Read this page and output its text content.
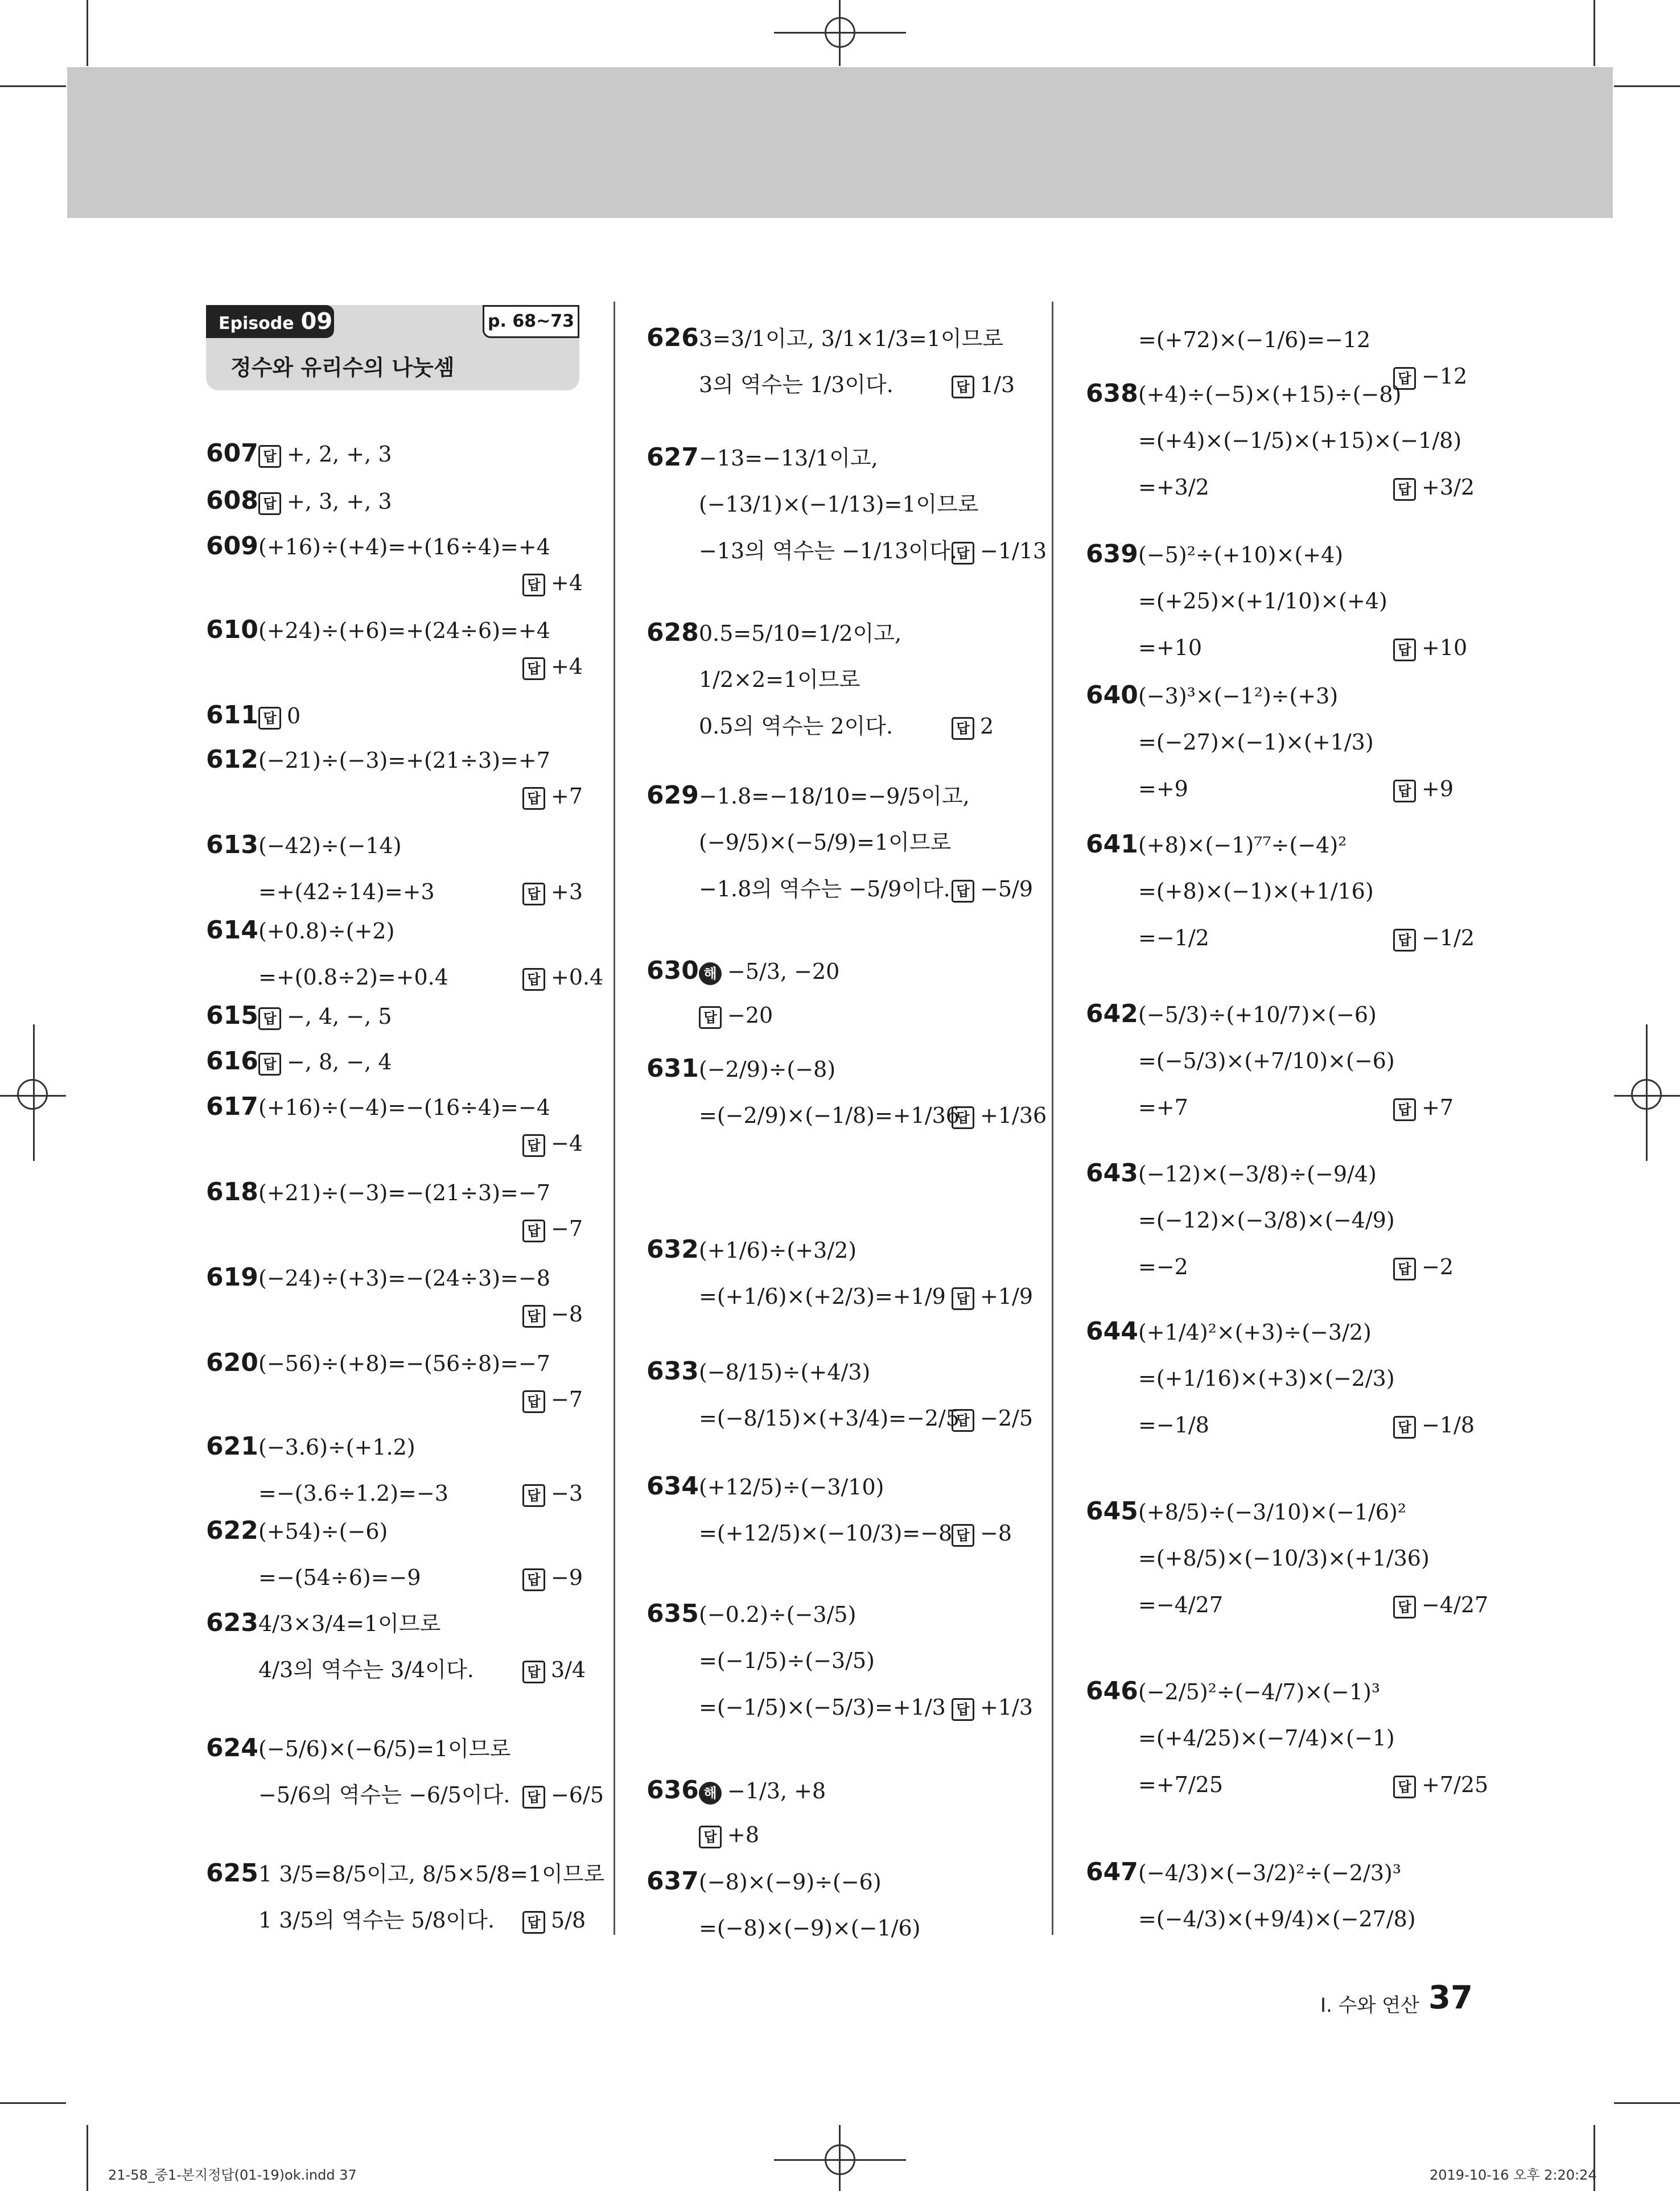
Episode 09	p. 68~73
정수와 유리수의 나눗셈
607 답 +, 2, +, 3
608 답 +, 3, +, 3
609(+16)÷(+4)=+(16÷4)=+4
답 +4
610(+24)÷(+6)=+(24÷6)=+4
답 +4
611 답 0
612(−21)÷(−3)=+(21÷3)=+7
답 +7
613(−42)÷(−14)
=+(42÷14)=+3	답 +3
614(+0.8)÷(+2)
=+(0.8÷2)=+0.4	답 +0.4
615 답 −, 4, −, 5
616 답 −, 8, −, 4
617(+16)÷(−4)=−(16÷4)=−4
답 −4
618(+21)÷(−3)=−(21÷3)=−7
답 −7
619(−24)÷(+3)=−(24÷3)=−8
답 −8
620(−56)÷(+8)=−(56÷8)=−7
답 −7
621(−3.6)÷(+1.2)
=−(3.6÷1.2)=−3	답 −3
622(+54)÷(−6)
=−(54÷6)=−9	답 −9
6234/3×3/4=1이므로
4/3의 역수는 3/4이다.	답 3/4
624(−5/6)×(−6/5)=1이므로
−5/6의 역수는 −6/5이다.	답 −6/5
6251 3/5=8/5이고, 8/5×5/8=1이므로
1 3/5의 역수는 5/8이다.	답 5/8
6263=3/1이고, 3/1×1/3=1이므로
3의 역수는 1/3이다.	답 1/3
627−13=−13/1이고,
(−13/1)×(−1/13)=1이므로
−13의 역수는 −1/13이다.
답 −1/13
6280.5=5/10=1/2이고,
1/2×2=1이므로
0.5의 역수는 2이다.	답 2
629−1.8=−18/10=−9/5이고,
(−9/5)×(−5/9)=1이므로
−1.8의 역수는 −5/9이다. 답 −5/9
630 해 −5/3, −20
답 −20
631(−2/9)÷(−8)
=(−2/9)×(−1/8)=+1/36
답 +1/36
632(+1/6)÷(+3/2)
=(+1/6)×(+2/3)=+1/9 답 +1/9
633(−8/15)÷(+4/3)
=(−8/15)×(+3/4)=−2/5
답 −2/5
634(+12/5)÷(−3/10)
=(+12/5)×(−10/3)=−8 답 −8
635(−0.2)÷(−3/5)
=(−1/5)÷(−3/5)
=(−1/5)×(−5/3)=+1/3 답 +1/3
636 해 −1/3, +8
답 +8
637(−8)×(−9)÷(−6)
=(−8)×(−9)×(−1/6)
=(+72)×(−1/6)=−12
답 −12
638(+4)÷(−5)×(+15)÷(−8)
=(+4)×(−1/5)×(+15)×(−1/8)
=+3/2	답 +3/2
639(−5)²÷(+10)×(+4)
=(+25)×(+1/10)×(+4)
=+10	답 +10
640(−3)³×(−1²)÷(+3)
=(−27)×(−1)×(+1/3)
=+9	답 +9
641(+8)×(−1)⁷⁷÷(−4)²
=(+8)×(−1)×(+1/16)
=−1/2	답 −1/2
642(−5/3)÷(+10/7)×(−6)
=(−5/3)×(+7/10)×(−6)
=+7	답 +7
643(−12)×(−3/8)÷(−9/4)
=(−12)×(−3/8)×(−4/9)
=−2	답 −2
644(+1/4)²×(+3)÷(−3/2)
=(+1/16)×(+3)×(−2/3)
=−1/8	답 −1/8
645(+8/5)÷(−3/10)×(−1/6)²
=(+8/5)×(−10/3)×(+1/36)
=−4/27	답 −4/27
646(−2/5)²÷(−4/7)×(−1)³
=(+4/25)×(−7/4)×(−1)
=+7/25	답 +7/25
647(−4/3)×(−3/2)²÷(−2/3)³
=(−4/3)×(+9/4)×(−27/8)
I. 수와 연산 37
21-58_중1-본지정답(01-19)ok.indd 37	2019-10-16 오후 2:20:24
